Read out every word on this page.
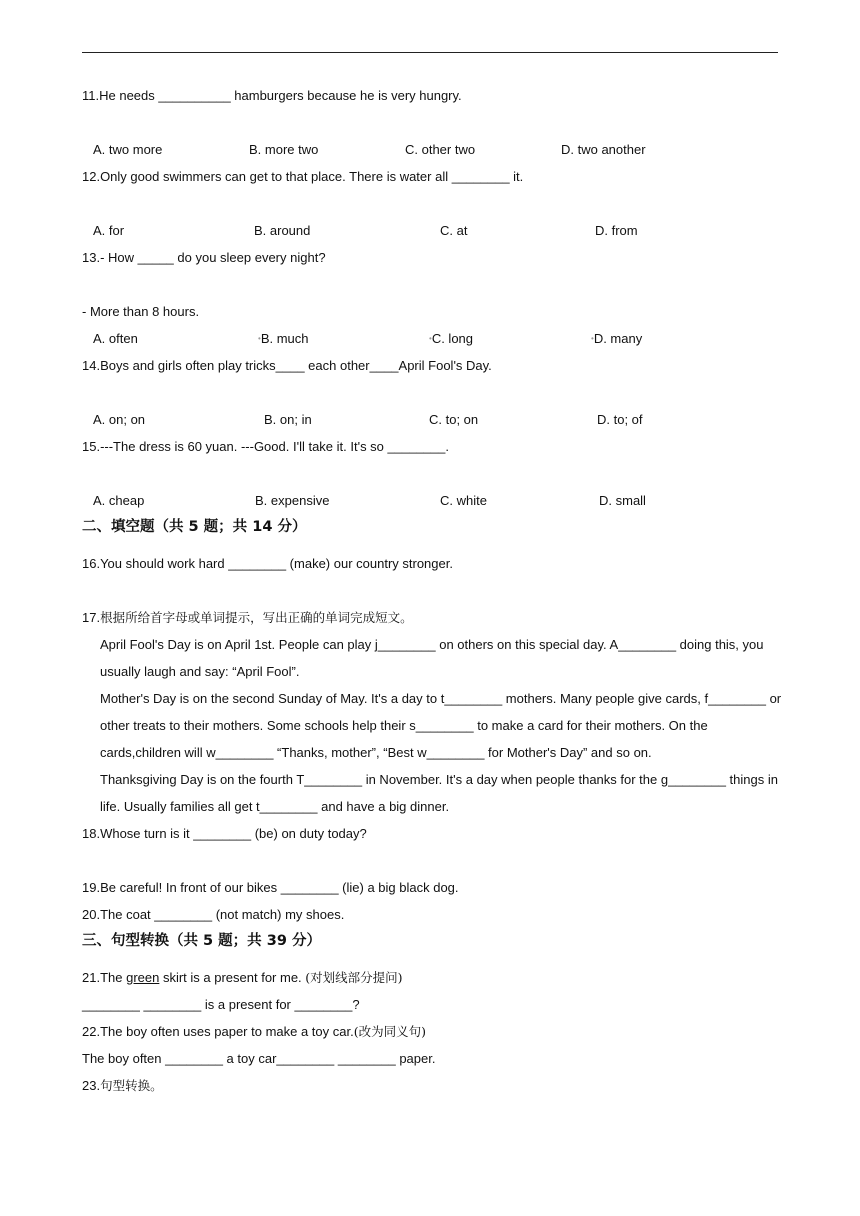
11.He needs __________ hamburgers because he is very hungry.
A. two more	B. more two	C. other two	D. two another
12.Only good swimmers can get to that place. There is water all ________ it.
A. for	B. around	C. at	D. from
13.- How _____ do you sleep every night?
- More than 8 hours.
A. often	•B. much	•C. long	•D. many
14.Boys and girls often play tricks____ each other____April Fool's Day.
A. on; on	B. on; in	C. to; on	D. to; of
15.---The dress is 60 yuan. ---Good. I'll take it. It's so ________.
A. cheap	B. expensive	C. white	D. small
二、填空题（共 5 题；共 14 分）
16.You should work hard ________ (make) our country stronger.
17.根据所给首字母或单词提示，写出正确的单词完成短文。
April Fool's Day is on April 1st. People can play j________ on others on this special day. A________ doing this, you usually laugh and say: “April Fool”.
Mother's Day is on the second Sunday of May. It's a day to t________ mothers. Many people give cards, f________ or other treats to their mothers. Some schools help their s________ to make a card for their mothers. On the cards,children will w________ “Thanks, mother”, “Best w________ for Mother's Day” and so on.
Thanksgiving Day is on the fourth T________ in November. It's a day when people thanks for the g________ things in life. Usually families all get t________ and have a big dinner.
18.Whose turn is it ________ (be) on duty today?
19.Be careful! In front of our bikes ________ (lie) a big black dog.
20.The coat ________ (not match) my shoes.
三、句型转换（共 5 题；共 39 分）
21.The green skirt is a present for me. (对划线部分提问)
________ ________ is a present for ________?
22.The boy often uses paper to make a toy car.(改为同义句)
The boy often ________ a toy car________ ________ paper.
23.句型转换。
